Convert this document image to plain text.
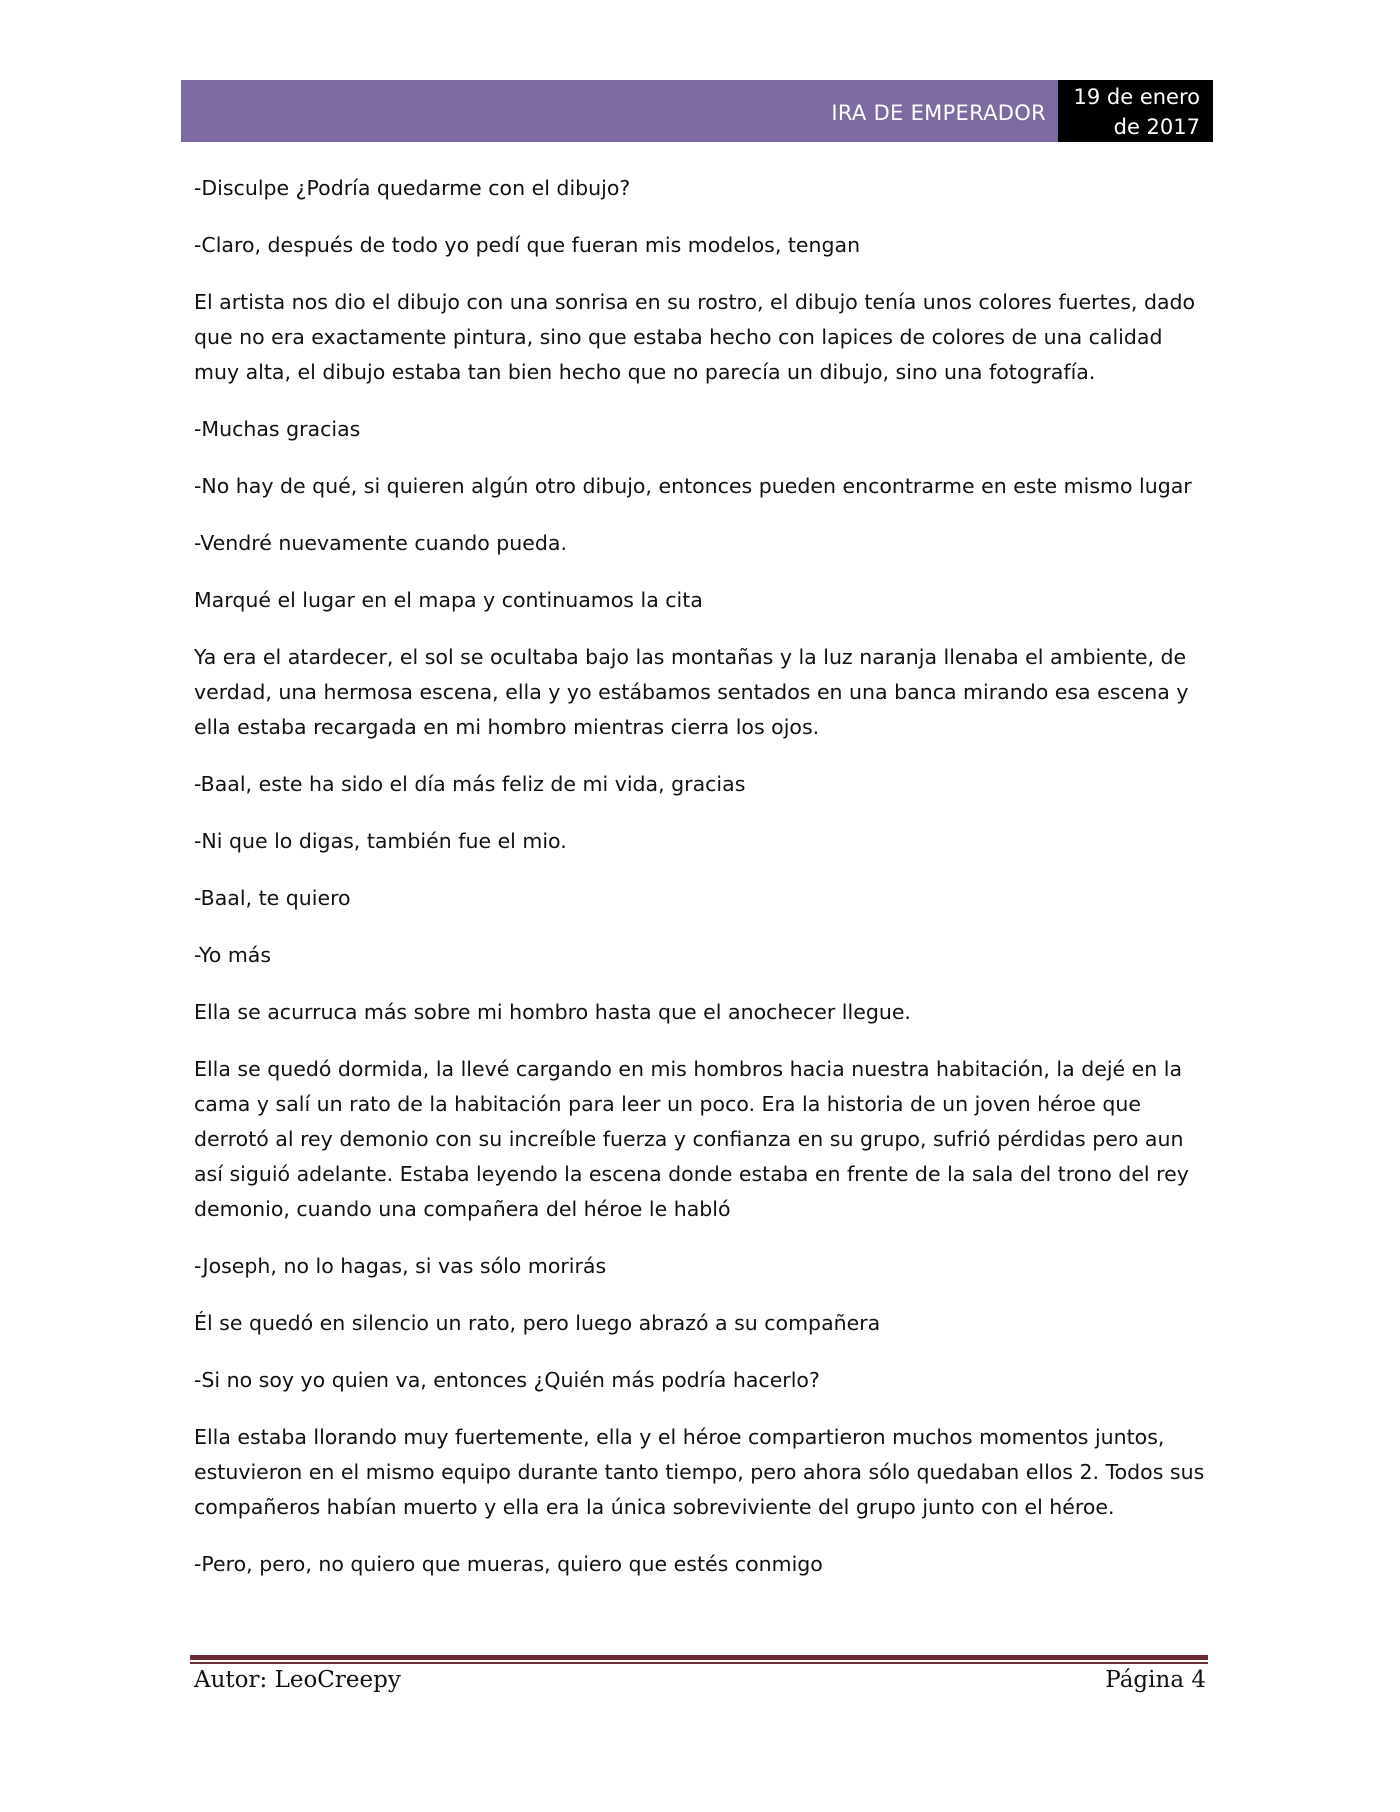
IRA DE EMPERADOR
19 de enero
de 2017

-Disculpe ¿Podría quedarme con el dibujo?

-Claro, después de todo yo pedí que fueran mis modelos, tengan

El artista nos dio el dibujo con una sonrisa en su rostro, el dibujo tenía unos colores fuertes, dado que no era exactamente pintura, sino que estaba hecho con lapices de colores de una calidad muy alta, el dibujo estaba tan bien hecho que no parecía un dibujo, sino una fotografía.

-Muchas gracias

-No hay de qué, si quieren algún otro dibujo, entonces pueden encontrarme en este mismo lugar

-Vendré nuevamente cuando pueda.

Marqué el lugar en el mapa y continuamos la cita

Ya era el atardecer, el sol se ocultaba bajo las montañas y la luz naranja llenaba el ambiente, de verdad, una hermosa escena, ella y yo estábamos sentados en una banca mirando esa escena y ella estaba recargada en mi hombro mientras cierra los ojos.

-Baal, este ha sido el día más feliz de mi vida, gracias

-Ni que lo digas, también fue el mio.

-Baal, te quiero

-Yo más

Ella se acurruca más sobre mi hombro hasta que el anochecer llegue.

Ella se quedó dormida, la llevé cargando en mis hombros hacia nuestra habitación, la dejé en la cama y salí un rato de la habitación para leer un poco. Era la historia de un joven héroe que derrotó al rey demonio con su increíble fuerza y confianza en su grupo, sufrió pérdidas pero aun así siguió adelante. Estaba leyendo la escena donde estaba en frente de la sala del trono del rey demonio, cuando una compañera del héroe le habló

-Joseph, no lo hagas, si vas sólo morirás

Él se quedó en silencio un rato, pero luego abrazó a su compañera

-Si no soy yo quien va, entonces ¿Quién más podría hacerlo?

Ella estaba llorando muy fuertemente, ella y el héroe compartieron muchos momentos juntos, estuvieron en el mismo equipo durante tanto tiempo, pero ahora sólo quedaban ellos 2. Todos sus compañeros habían muerto y ella era la única sobreviviente del grupo junto con el héroe.

-Pero, pero, no quiero que mueras, quiero que estés conmigo

Autor: LeoCreepy	Página 4
